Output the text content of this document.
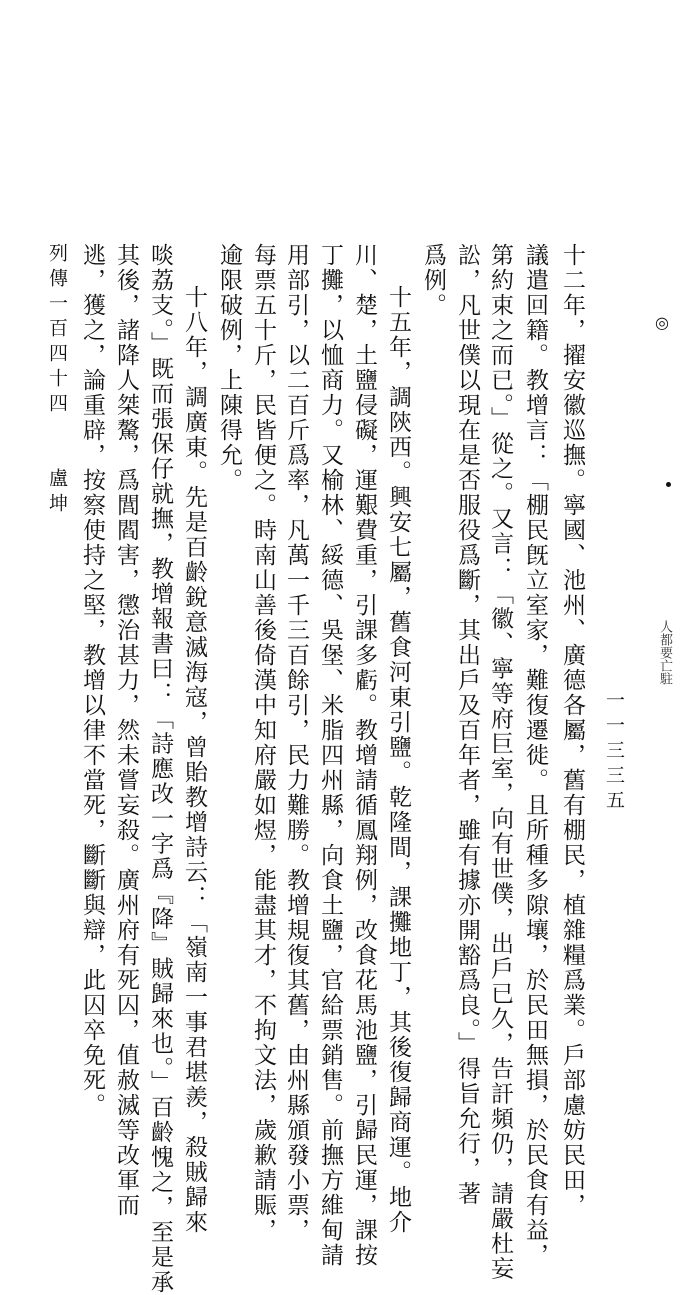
十二年，擢安徽巡撫。寧國、池州、廣德各屬，舊有棚民，植雜糧爲業。戶部慮妨民田，
議遣回籍。教增言：「棚民旣立室家，難復遷徙。且所種多隙壤，於民田無損，於民食有益，
第約束之而已。」從之。又言：「徽、寧等府巨室，向有世僕，出戶已久，告訐頻仍，請嚴杜妄
訟，凡世僕以現在是否服役爲斷，其出戶及百年者，雖有據亦開豁爲良。」得旨允行，著
爲例。
十五年，調陝西。興安七屬，舊食河東引鹽。乾隆間，課攤地丁，其後復歸商運。地介
川、楚，土鹽侵礙，運艱費重，引課多虧。教增請循鳳翔例，改食花馬池鹽，引歸民運，課按
丁攤，以恤商力。又榆林、綏德、吳堡、米脂四州縣，向食土鹽，官給票銷售。前撫方維甸請
用部引，以二百斤爲率，凡萬一千三百餘引，民力難勝。教增規復其舊，由州縣頒發小票，
每票五十斤，民皆便之。時南山善後倚漢中知府嚴如煜，能盡其才，不拘文法，歲歉請賑，
逾限破例，上陳得允。
十八年，調廣東。先是百齡銳意滅海寇，曾貽教增詩云：「嶺南一事君堪羨，殺賊歸來
啖荔支。」既而張保仔就撫，教增報書曰：「詩應改一字爲『降』賊歸來也。」百齡愧之，至是承
其後，諸降人桀驁，爲閭閻害，懲治甚力，然未嘗妄殺。廣州府有死囚，值赦滅等改軍而
逃，獲之，論重辟，按察使持之堅，教增以律不當死，斷斷與辯，此囚卒免死。
列傳一百四十四　　盧坤
一一三三五
◎
人都要亡駐
